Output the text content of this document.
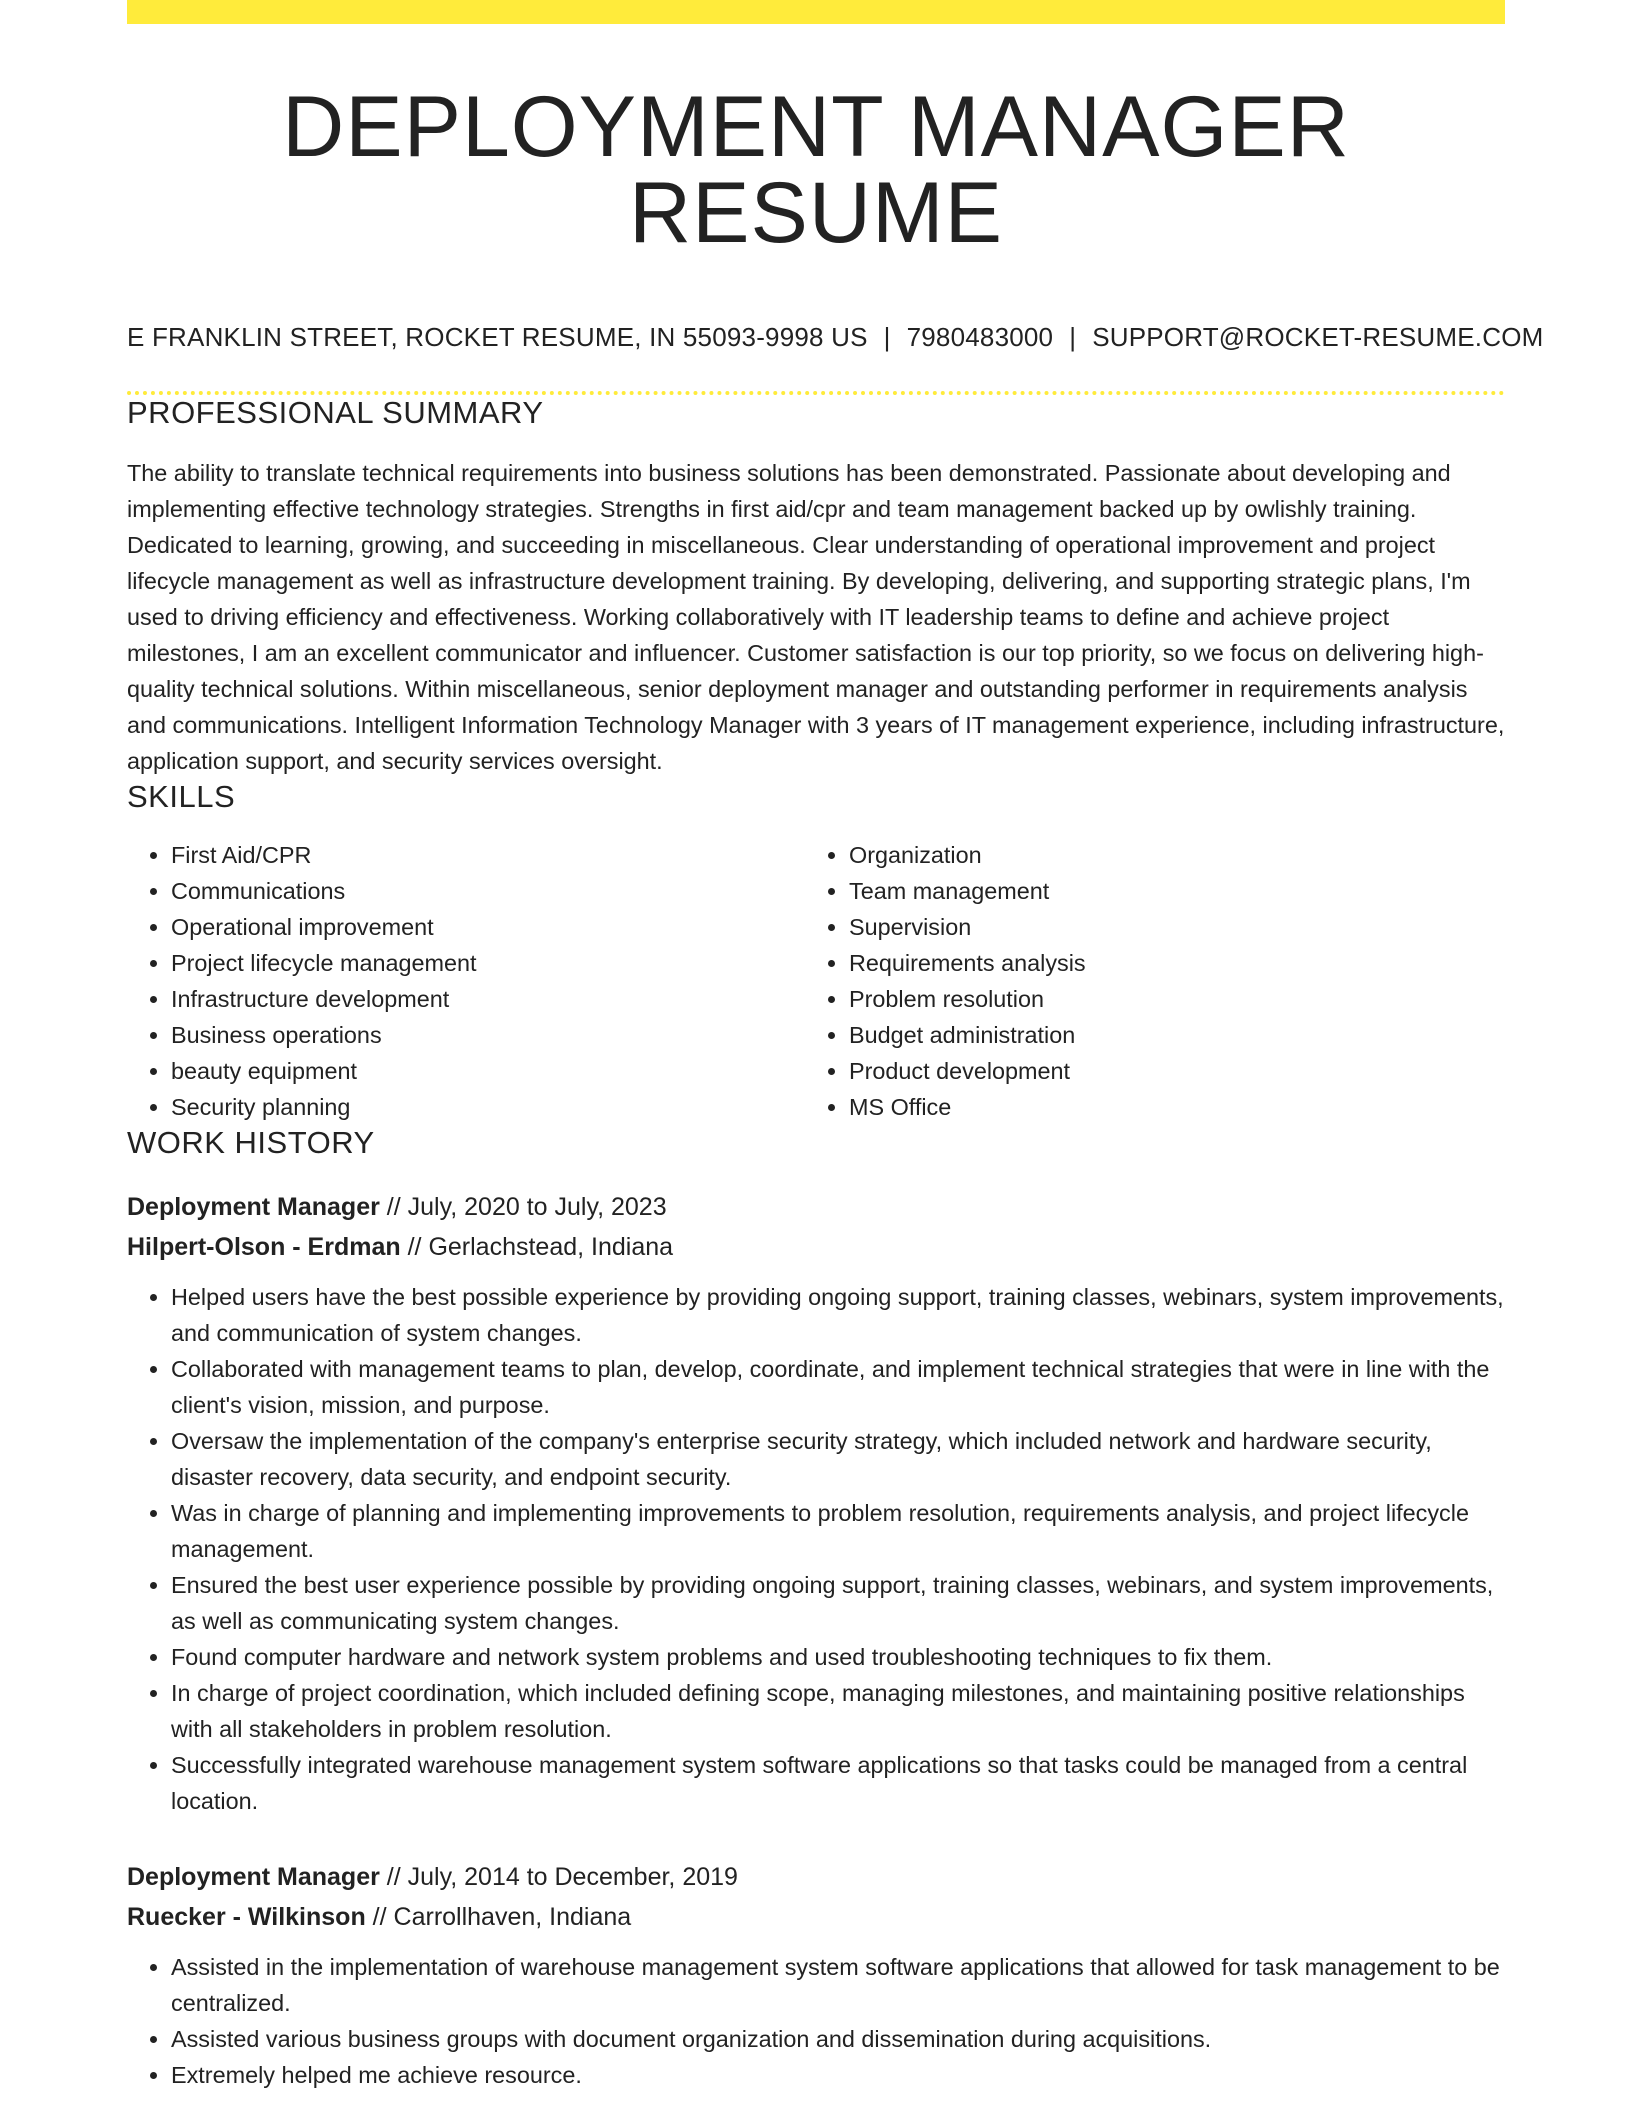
DEPLOYMENT MANAGER RESUME
E FRANKLIN STREET, ROCKET RESUME, IN 55093-9998 US | 7980483000 | SUPPORT@ROCKET-RESUME.COM
PROFESSIONAL SUMMARY
The ability to translate technical requirements into business solutions has been demonstrated. Passionate about developing and implementing effective technology strategies. Strengths in first aid/cpr and team management backed up by owlishly training. Dedicated to learning, growing, and succeeding in miscellaneous. Clear understanding of operational improvement and project lifecycle management as well as infrastructure development training. By developing, delivering, and supporting strategic plans, I'm used to driving efficiency and effectiveness. Working collaboratively with IT leadership teams to define and achieve project milestones, I am an excellent communicator and influencer. Customer satisfaction is our top priority, so we focus on delivering high-quality technical solutions. Within miscellaneous, senior deployment manager and outstanding performer in requirements analysis and communications. Intelligent Information Technology Manager with 3 years of IT management experience, including infrastructure, application support, and security services oversight.
SKILLS
• First Aid/CPR
• Communications
• Operational improvement
• Project lifecycle management
• Infrastructure development
• Business operations
• beauty equipment
• Security planning
• Organization
• Team management
• Supervision
• Requirements analysis
• Problem resolution
• Budget administration
• Product development
• MS Office
WORK HISTORY
Deployment Manager // July, 2020 to July, 2023
Hilpert-Olson - Erdman // Gerlachstead, Indiana
• Helped users have the best possible experience by providing ongoing support, training classes, webinars, system improvements, and communication of system changes.
• Collaborated with management teams to plan, develop, coordinate, and implement technical strategies that were in line with the client's vision, mission, and purpose.
• Oversaw the implementation of the company's enterprise security strategy, which included network and hardware security, disaster recovery, data security, and endpoint security.
• Was in charge of planning and implementing improvements to problem resolution, requirements analysis, and project lifecycle management.
• Ensured the best user experience possible by providing ongoing support, training classes, webinars, and system improvements, as well as communicating system changes.
• Found computer hardware and network system problems and used troubleshooting techniques to fix them.
• In charge of project coordination, which included defining scope, managing milestones, and maintaining positive relationships with all stakeholders in problem resolution.
• Successfully integrated warehouse management system software applications so that tasks could be managed from a central location.
Deployment Manager // July, 2014 to December, 2019
Ruecker - Wilkinson // Carrollhaven, Indiana
• Assisted in the implementation of warehouse management system software applications that allowed for task management to be centralized.
• Assisted various business groups with document organization and dissemination during acquisitions.
• Extremely helped me achieve resource.
